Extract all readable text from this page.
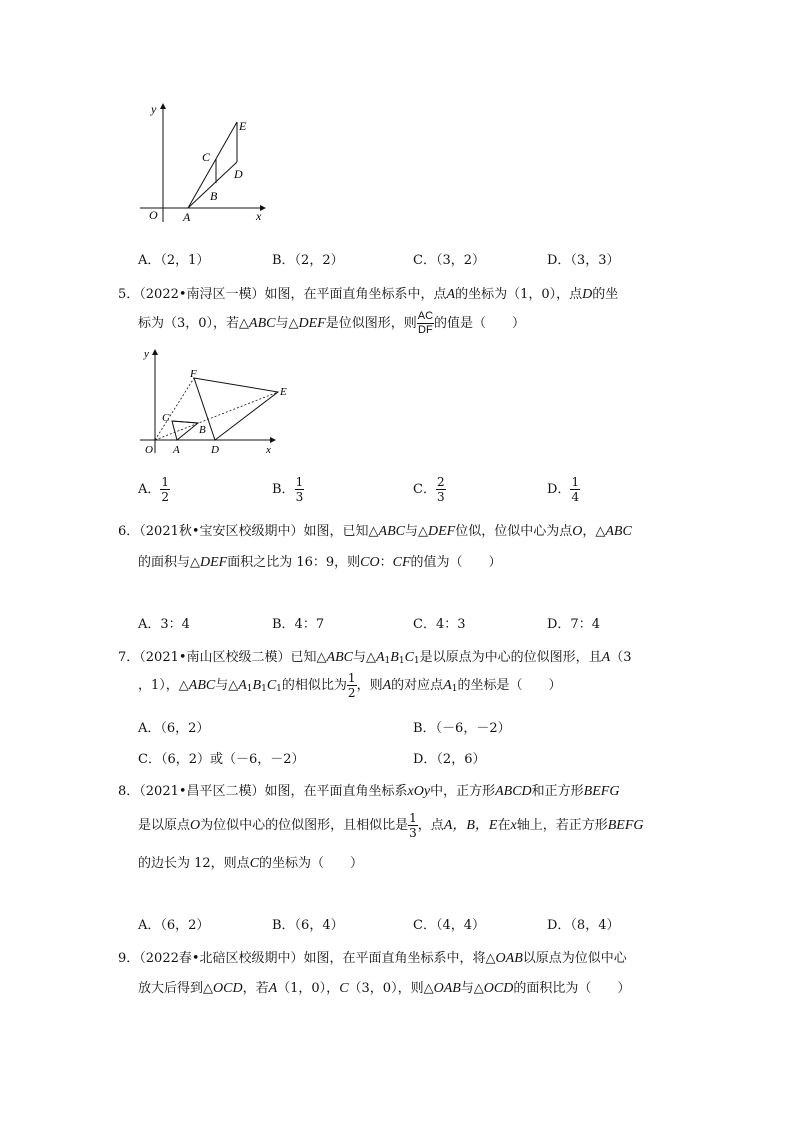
y
x
O A
B
C
D
E
A．（2，1）	B．（2，2）	C．（3，2）	D．（3，3）
5．（2022•南浔区一模）如图，在平面直角坐标系中，点A的坐标为（1，0），点D的坐
标为（3，0），若△ABC与△DEF是位似图形，则 $\frac{AC}{DF}$ 的值是（　　）
y
x
O A	D
B
C
F
E
A． $\frac{1}{2}$	B． $\frac{1}{3}$	C． $\frac{2}{3}$	D． $\frac{1}{4}$
6．（2021秋•宝安区校级期中）如图，已知△ABC与△DEF位似，位似中心为点O，△ABC
的面积与△DEF面积之比为 16：9，则CO：CF的值为（　　）
A．3：4	B．4：7	C．4：3	D．7：4
7．（2021•南山区校级二模）已知△ABC与$\triangle A_1B_1C_1$是以原点为中心的位似图形，且A（3
，1），△ABC与$\triangle A_1B_1C_1$的相似比为 $\frac{1}{2}$ ，则A的对应点$A_1$的坐标是（　　）
A．（6，2）	B．（－6，－2）
C．（6，2）或（－6，－2）	D．（2，6）
8．（2021•昌平区二模）如图，在平面直角坐标系xOy中，正方形ABCD和正方形BEFG
是以原点O为位似中心的位似图形，且相似比是 $\frac{1}{3}$ ，点A，B，E在x轴上，若正方形BEFG
的边长为 12，则点C的坐标为（　　）
A．（6，2）	B．（6，4）	C．（4，4）	D．（8，4）
9．（2022春•北碚区校级期中）如图，在平面直角坐标系中，将△OAB以原点为位似中心
放大后得到△OCD，若A（1，0），C（3，0），则△OAB与△OCD的面积比为（　　）
